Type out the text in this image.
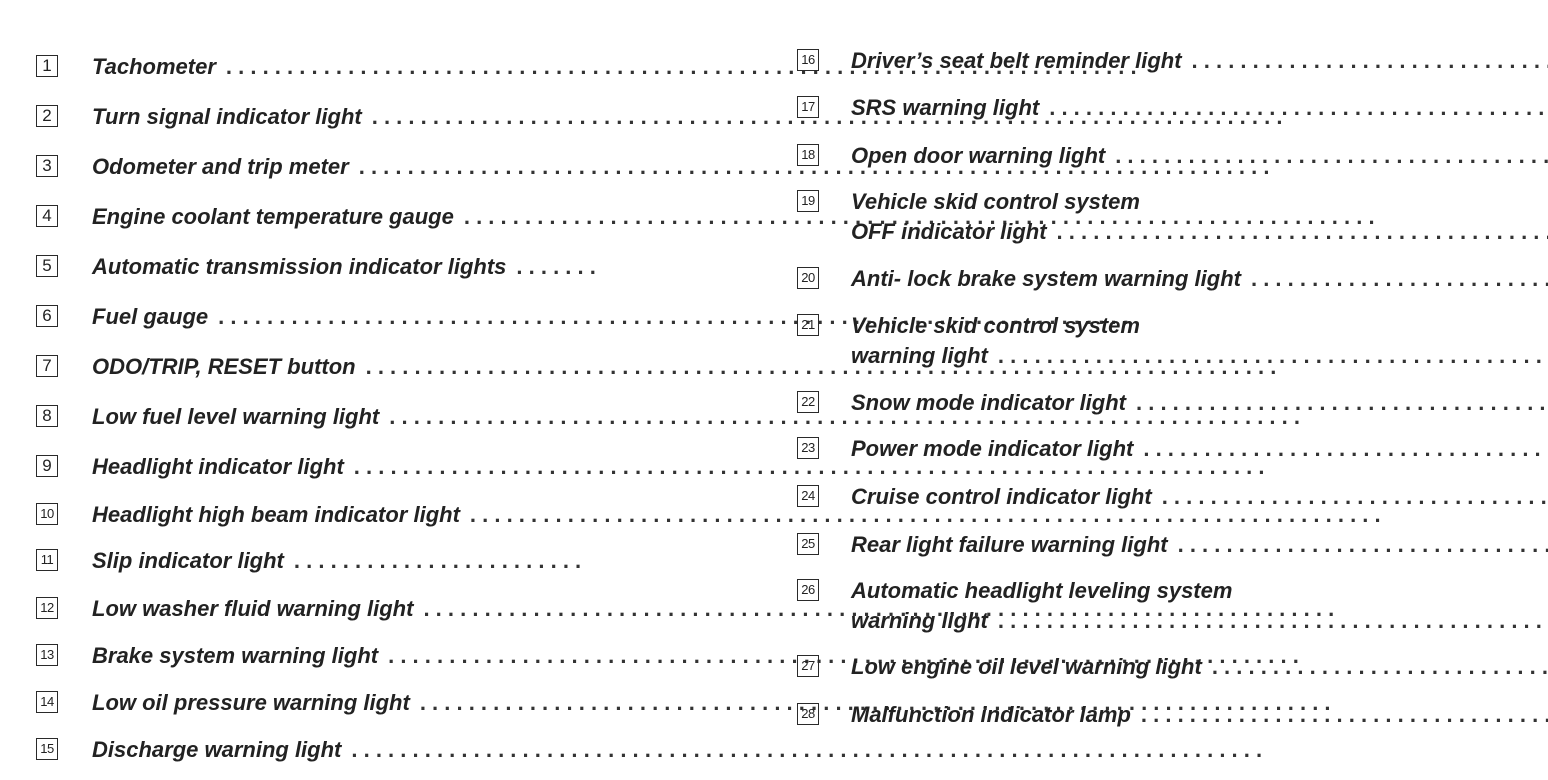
1 Tachometer
. . .
2 Turn signal indicator light
. . .
3 Odometer and trip meter
. . .
4 Engine coolant temperature gauge
. . .
5 Automatic transmission indicator lights
. . .
6 Fuel gauge
. . .
7 ODO/TRIP, RESET button
. . .
8 Low fuel level warning light
. . .
9 Headlight indicator light
. . .
10 Headlight high beam indicator light
. . .
11 Slip indicator light
. . .
12 Low washer fluid warning light
. . .
13 Brake system warning light
. . .
14 Low oil pressure warning light
. . .
15 Discharge warning light
. . .
16 Driver’s seat belt reminder light
. . .
17 SRS warning light
. . .
18 Open door warning light
. . .
19 Vehicle skid control system
OFF indicator light
. . .
20 Anti- lock brake system warning light
. . .
21 Vehicle skid control system
warning light
. . .
22 Snow mode indicator light
. . .
23 Power mode indicator light
. . .
24 Cruise control indicator light
. . .
25 Rear light failure warning light
. . .
26 Automatic headlight leveling system
warning light
. . .
27 Low engine oil level warning light
. . .
28 Malfunction indicator lamp
. . .
